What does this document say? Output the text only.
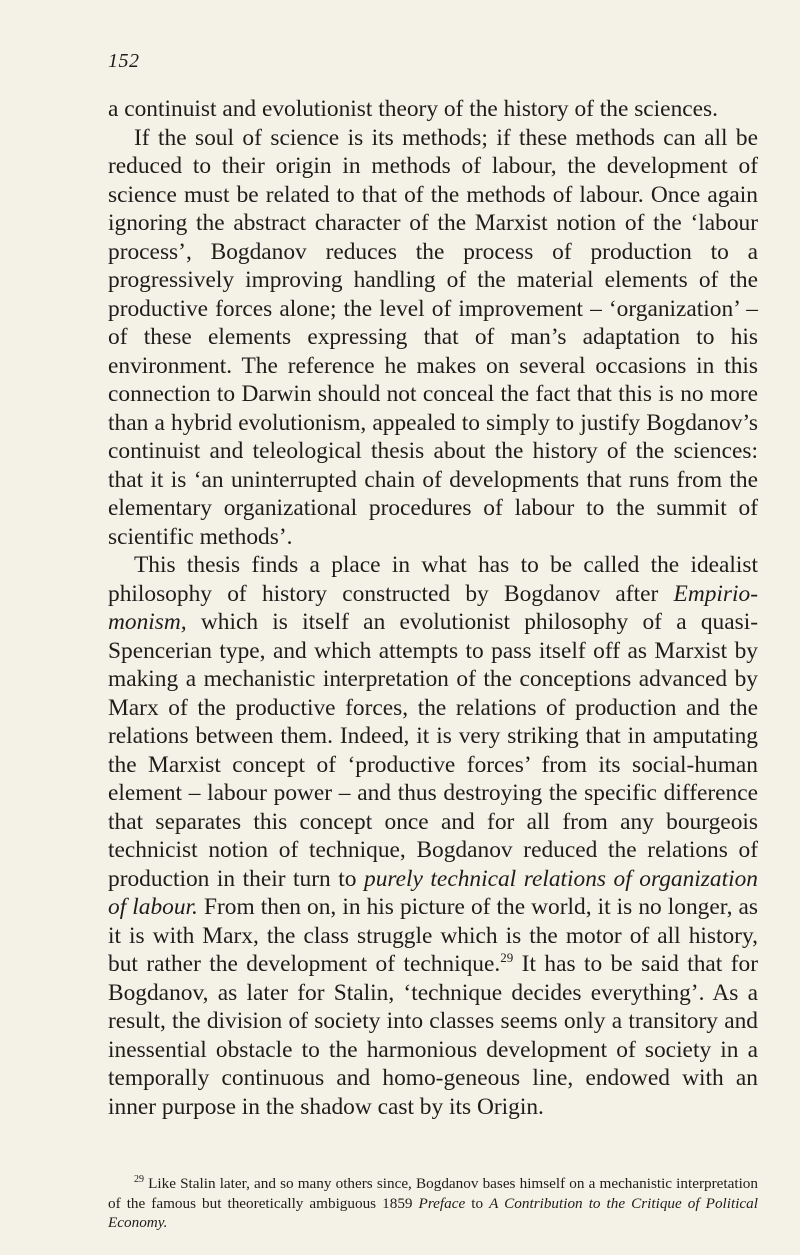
152

a continuist and evolutionist theory of the history of the sciences.

If the soul of science is its methods; if these methods can all be reduced to their origin in methods of labour, the development of science must be related to that of the methods of labour. Once again ignoring the abstract character of the Marxist notion of the ‘labour process’, Bogdanov reduces the process of production to a progressively improving handling of the material elements of the productive forces alone; the level of improvement – ‘organization’ – of these elements expressing that of man’s adaptation to his environment. The reference he makes on several occasions in this connection to Darwin should not conceal the fact that this is no more than a hybrid evolutionism, appealed to simply to justify Bogdanov’s continuist and teleological thesis about the history of the sciences: that it is ‘an uninterrupted chain of developments that runs from the elementary organizational procedures of labour to the summit of scientific methods’.

This thesis finds a place in what has to be called the idealist philosophy of history constructed by Bogdanov after Empirio-monism, which is itself an evolutionist philosophy of a quasi-Spencerian type, and which attempts to pass itself off as Marxist by making a mechanistic interpretation of the conceptions advanced by Marx of the productive forces, the relations of production and the relations between them. Indeed, it is very striking that in amputating the Marxist concept of ‘productive forces’ from its social-human element – labour power – and thus destroying the specific difference that separates this concept once and for all from any bourgeois technicist notion of technique, Bogdanov reduced the relations of production in their turn to purely technical relations of organization of labour. From then on, in his picture of the world, it is no longer, as it is with Marx, the class struggle which is the motor of all history, but rather the development of technique.$^{29}$ It has to be said that for Bogdanov, as later for Stalin, ‘technique decides everything’. As a result, the division of society into classes seems only a transitory and inessential obstacle to the harmonious development of society in a temporally continuous and homo-geneous line, endowed with an inner purpose in the shadow cast by its Origin.

$^{29}$ Like Stalin later, and so many others since, Bogdanov bases himself on a mechanistic interpretation of the famous but theoretically ambiguous 1859 Preface to A Contribution to the Critique of Political Economy.
